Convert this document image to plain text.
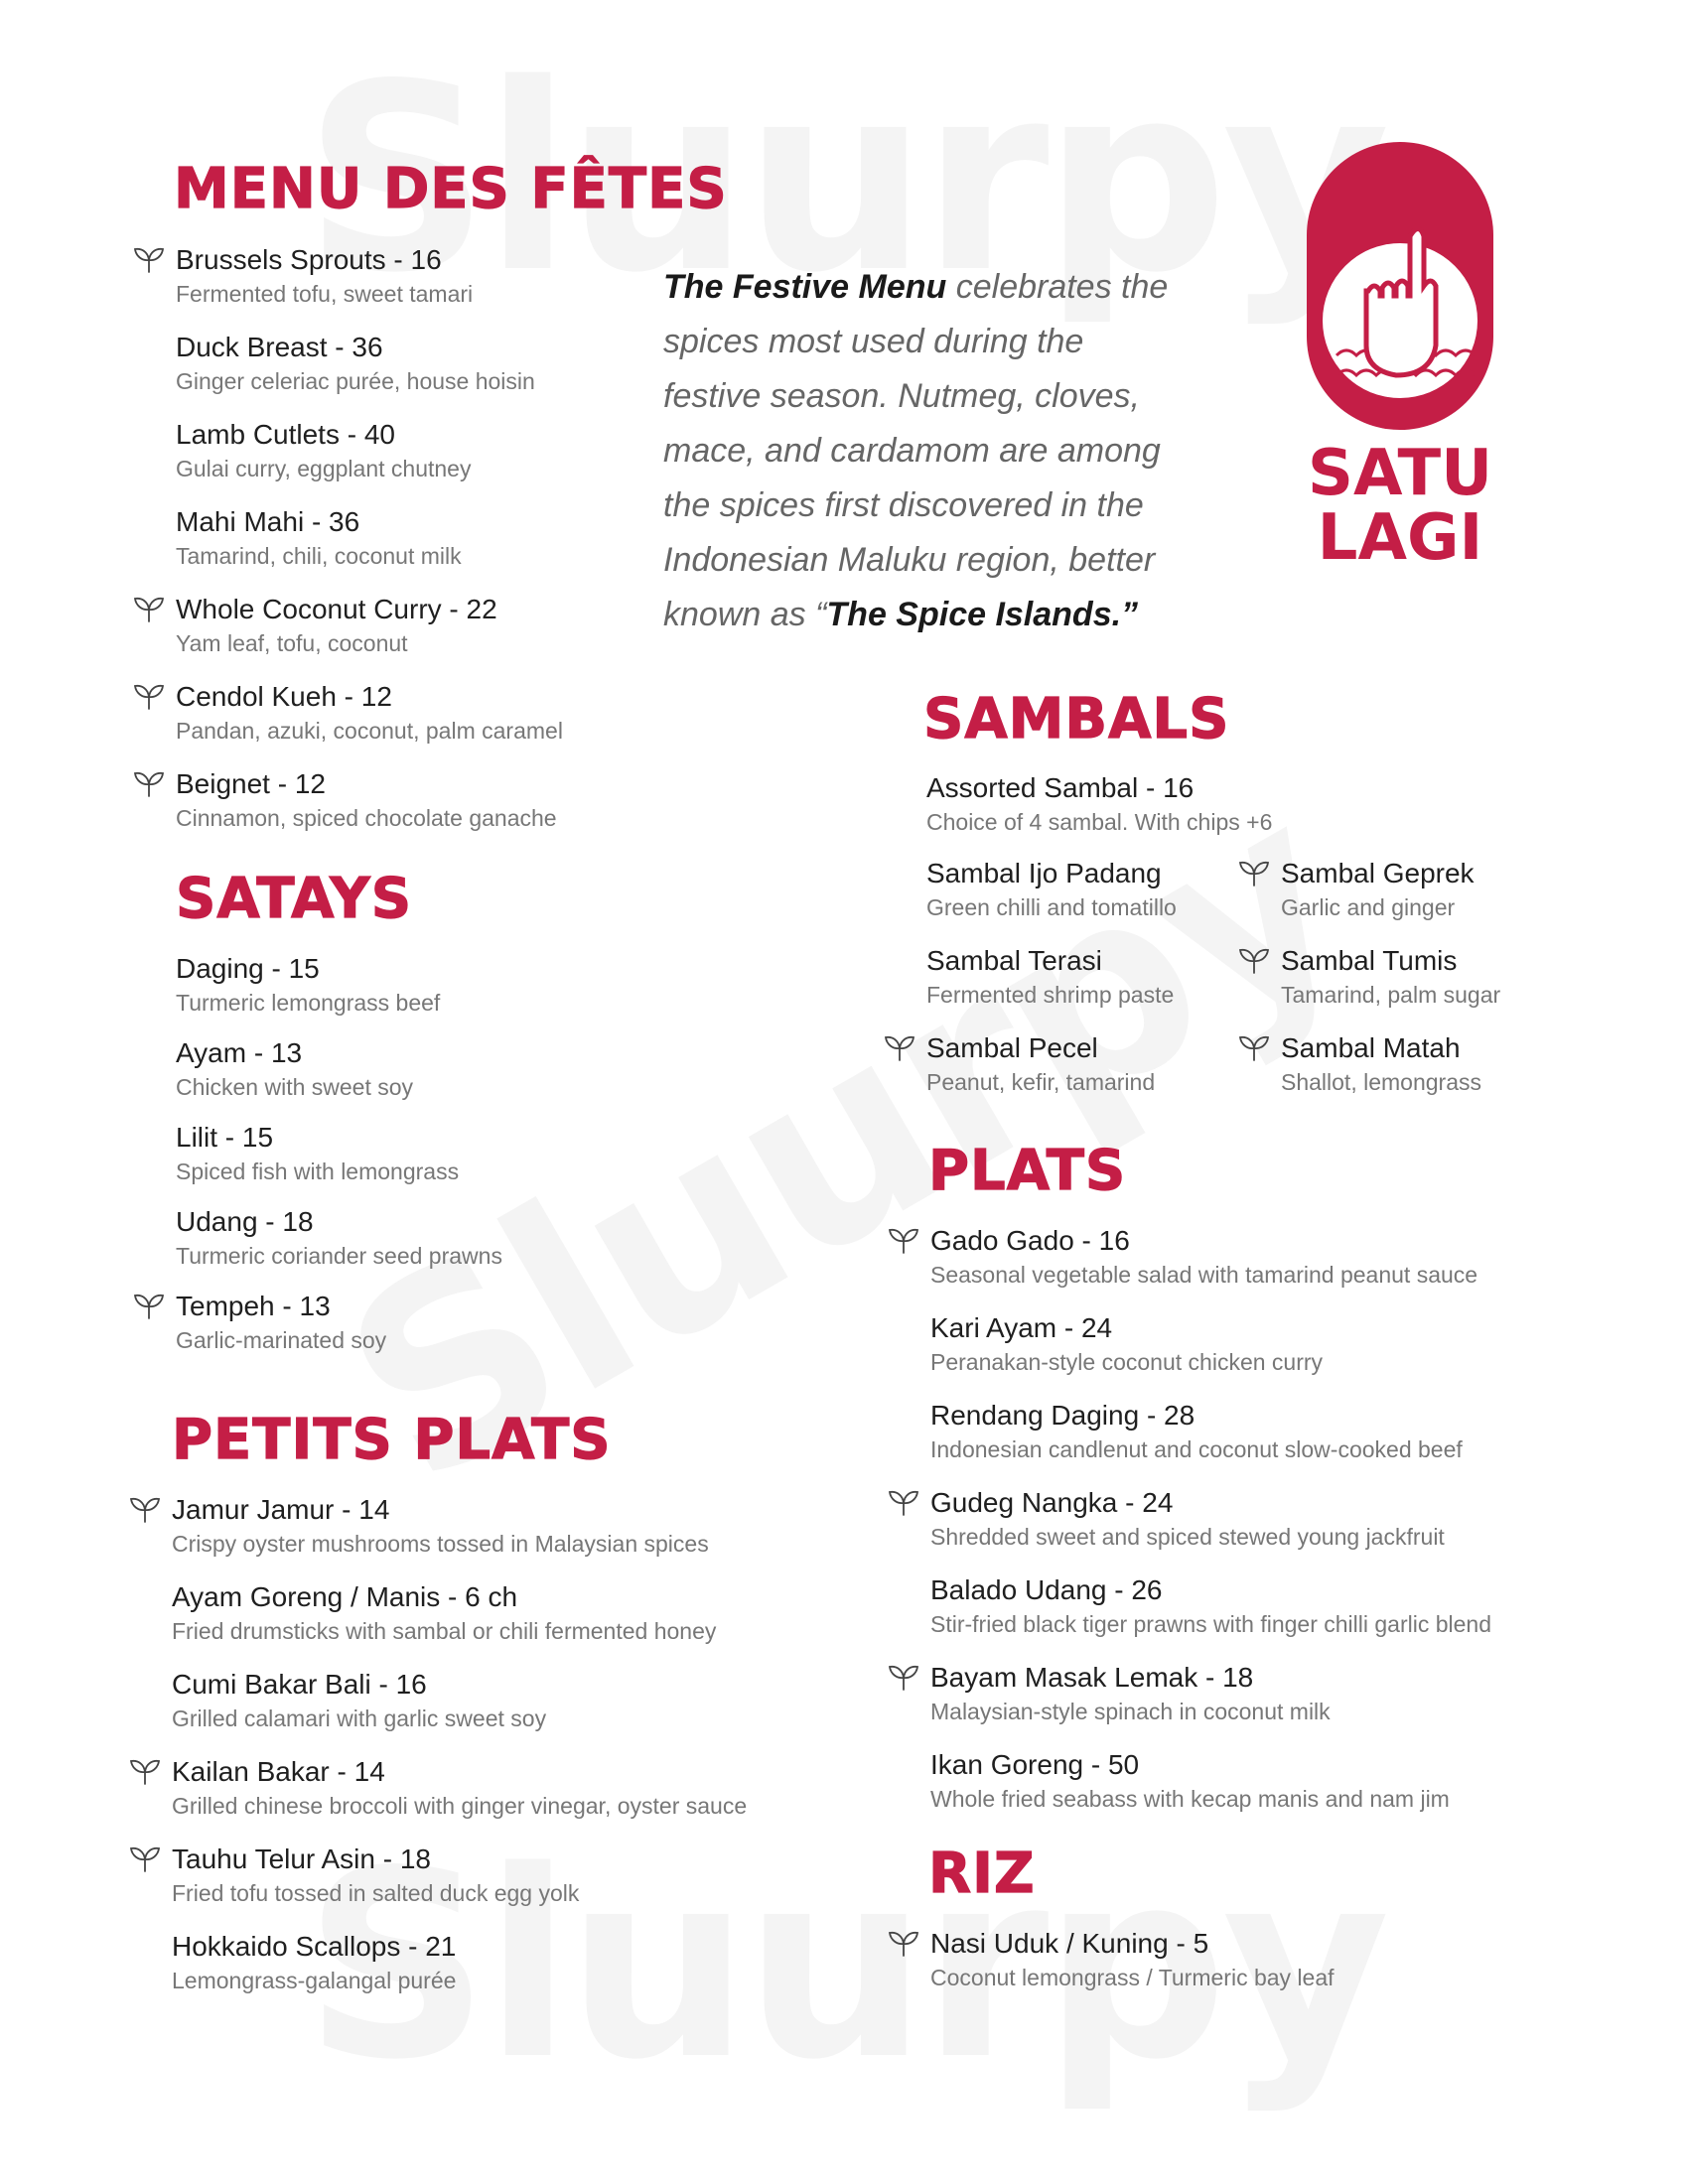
SATU
LAGI

The Festive Menu celebrates the spices most used during the festive season. Nutmeg, cloves, mace, and cardamom are among the spices first discovered in the Indonesian Maluku region, better known as “The Spice Islands.”

MENU DES FÊTES
Brussels Sprouts - 16
Fermented tofu, sweet tamari
Duck Breast - 36
Ginger celeriac purée, house hoisin
Lamb Cutlets - 40
Gulai curry, eggplant chutney
Mahi Mahi - 36
Tamarind, chili, coconut milk
Whole Coconut Curry - 22
Yam leaf, tofu, coconut
Cendol Kueh - 12
Pandan, azuki, coconut, palm caramel
Beignet - 12
Cinnamon, spiced chocolate ganache
SATAYS
Daging - 15
Turmeric lemongrass beef
Ayam - 13
Chicken with sweet soy
Lilit - 15
Spiced fish with lemongrass
Udang - 18
Turmeric coriander seed prawns
Tempeh - 13
Garlic-marinated soy
PETITS PLATS
Jamur Jamur - 14
Crispy oyster mushrooms tossed in Malaysian spices
Ayam Goreng / Manis - 6 ch
Fried drumsticks with sambal or chili fermented honey
Cumi Bakar Bali - 16
Grilled calamari with garlic sweet soy
Kailan Bakar - 14
Grilled chinese broccoli with ginger vinegar, oyster sauce
Tauhu Telur Asin - 18
Fried tofu tossed in salted duck egg yolk
Hokkaido Scallops - 21
Lemongrass-galangal purée
SAMBALS
Assorted Sambal - 16
Choice of 4 sambal. With chips +6
Sambal Ijo Padang
Green chilli and tomatillo
Sambal Geprek
Garlic and ginger
Sambal Terasi
Fermented shrimp paste
Sambal Tumis
Tamarind, palm sugar
Sambal Pecel
Peanut, kefir, tamarind
Sambal Matah
Shallot, lemongrass
PLATS
Gado Gado - 16
Seasonal vegetable salad with tamarind peanut sauce
Kari Ayam - 24
Peranakan-style coconut chicken curry
Rendang Daging - 28
Indonesian candlenut and coconut slow-cooked beef
Gudeg Nangka - 24
Shredded sweet and spiced stewed young jackfruit
Balado Udang - 26
Stir-fried black tiger prawns with finger chilli garlic blend
Bayam Masak Lemak - 18
Malaysian-style spinach in coconut milk
Ikan Goreng - 50
Whole fried seabass with kecap manis and nam jim
RIZ
Nasi Uduk / Kuning - 5
Coconut lemongrass / Turmeric bay leaf
